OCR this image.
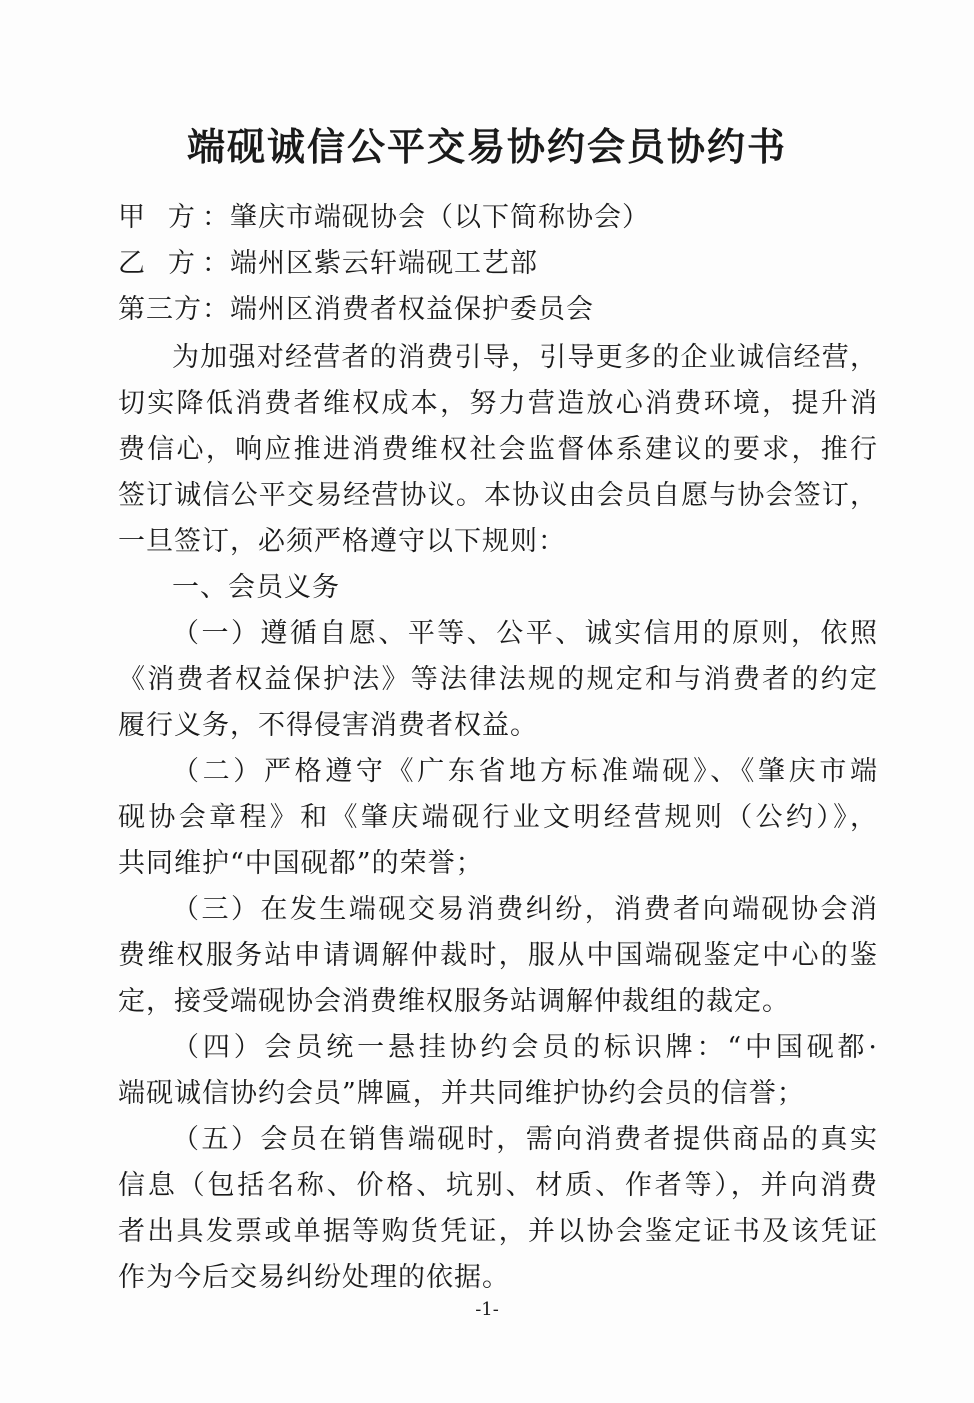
端砚诚信公平交易协约会员协约书
甲 方：肇庆市端砚协会（以下简称协会）
乙 方：端州区紫云轩端砚工艺部
第三方：端州区消费者权益保护委员会
为加强对经营者的消费引导，引导更多的企业诚信经营，
切实降低消费者维权成本，努力营造放心消费环境，提升消
费信心，响应推进消费维权社会监督体系建议的要求，推行
签订诚信公平交易经营协议。本协议由会员自愿与协会签订，
一旦签订，必须严格遵守以下规则：
一、会员义务
（一）遵循自愿、平等、公平、诚实信用的原则，依照
《消费者权益保护法》等法律法规的规定和与消费者的约定
履行义务，不得侵害消费者权益。
（二）严格遵守《广东省地方标准端砚》、《肇庆市端
砚协会章程》和《肇庆端砚行业文明经营规则（公约）》，
共同维护“中国砚都”的荣誉；
（三）在发生端砚交易消费纠纷，消费者向端砚协会消
费维权服务站申请调解仲裁时，服从中国端砚鉴定中心的鉴
定，接受端砚协会消费维权服务站调解仲裁组的裁定。
（四）会员统一悬挂协约会员的标识牌：“中国砚都·
端砚诚信协约会员”牌匾，并共同维护协约会员的信誉；
（五）会员在销售端砚时，需向消费者提供商品的真实
信息（包括名称、价格、坑别、材质、作者等），并向消费
者出具发票或单据等购货凭证，并以协会鉴定证书及该凭证
作为今后交易纠纷处理的依据。
-1-
